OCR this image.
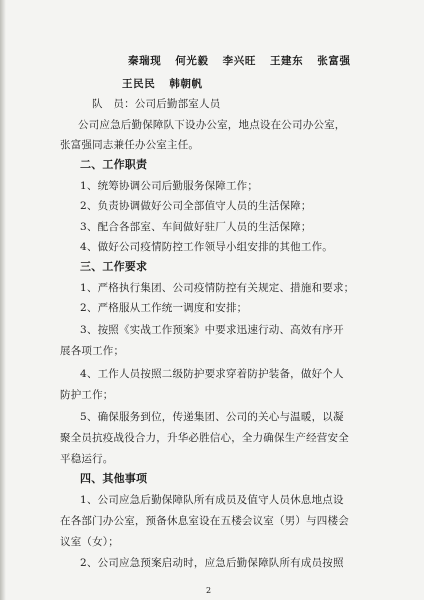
秦瑞现 何光毅 李兴旺 王建东 张富强
王民民 韩朝帆
队　员：公司后勤部室人员
公司应急后勤保障队下设办公室，地点设在公司办公室，
张富强同志兼任办公室主任。
二、工作职责
1、统筹协调公司后勤服务保障工作；
2、负责协调做好公司全部值守人员的生活保障；
3、配合各部室、车间做好驻厂人员的生活保障；
4、做好公司疫情防控工作领导小组安排的其他工作。
三、工作要求
1、严格执行集团、公司疫情防控有关规定、措施和要求；
2、严格服从工作统一调度和安排；
3、按照《实战工作预案》中要求迅速行动、高效有序开
展各项工作；
4、工作人员按照二级防护要求穿着防护装备，做好个人
防护工作；
5、确保服务到位，传递集团、公司的关心与温暖，以凝
聚全员抗疫战役合力，升华必胜信心，全力确保生产经营安全
平稳运行。
四、其他事项
1、公司应急后勤保障队所有成员及值守人员休息地点设
在各部门办公室，预备休息室设在五楼会议室（男）与四楼会
议室（女）；
2、公司应急预案启动时，应急后勤保障队所有成员按照
2
